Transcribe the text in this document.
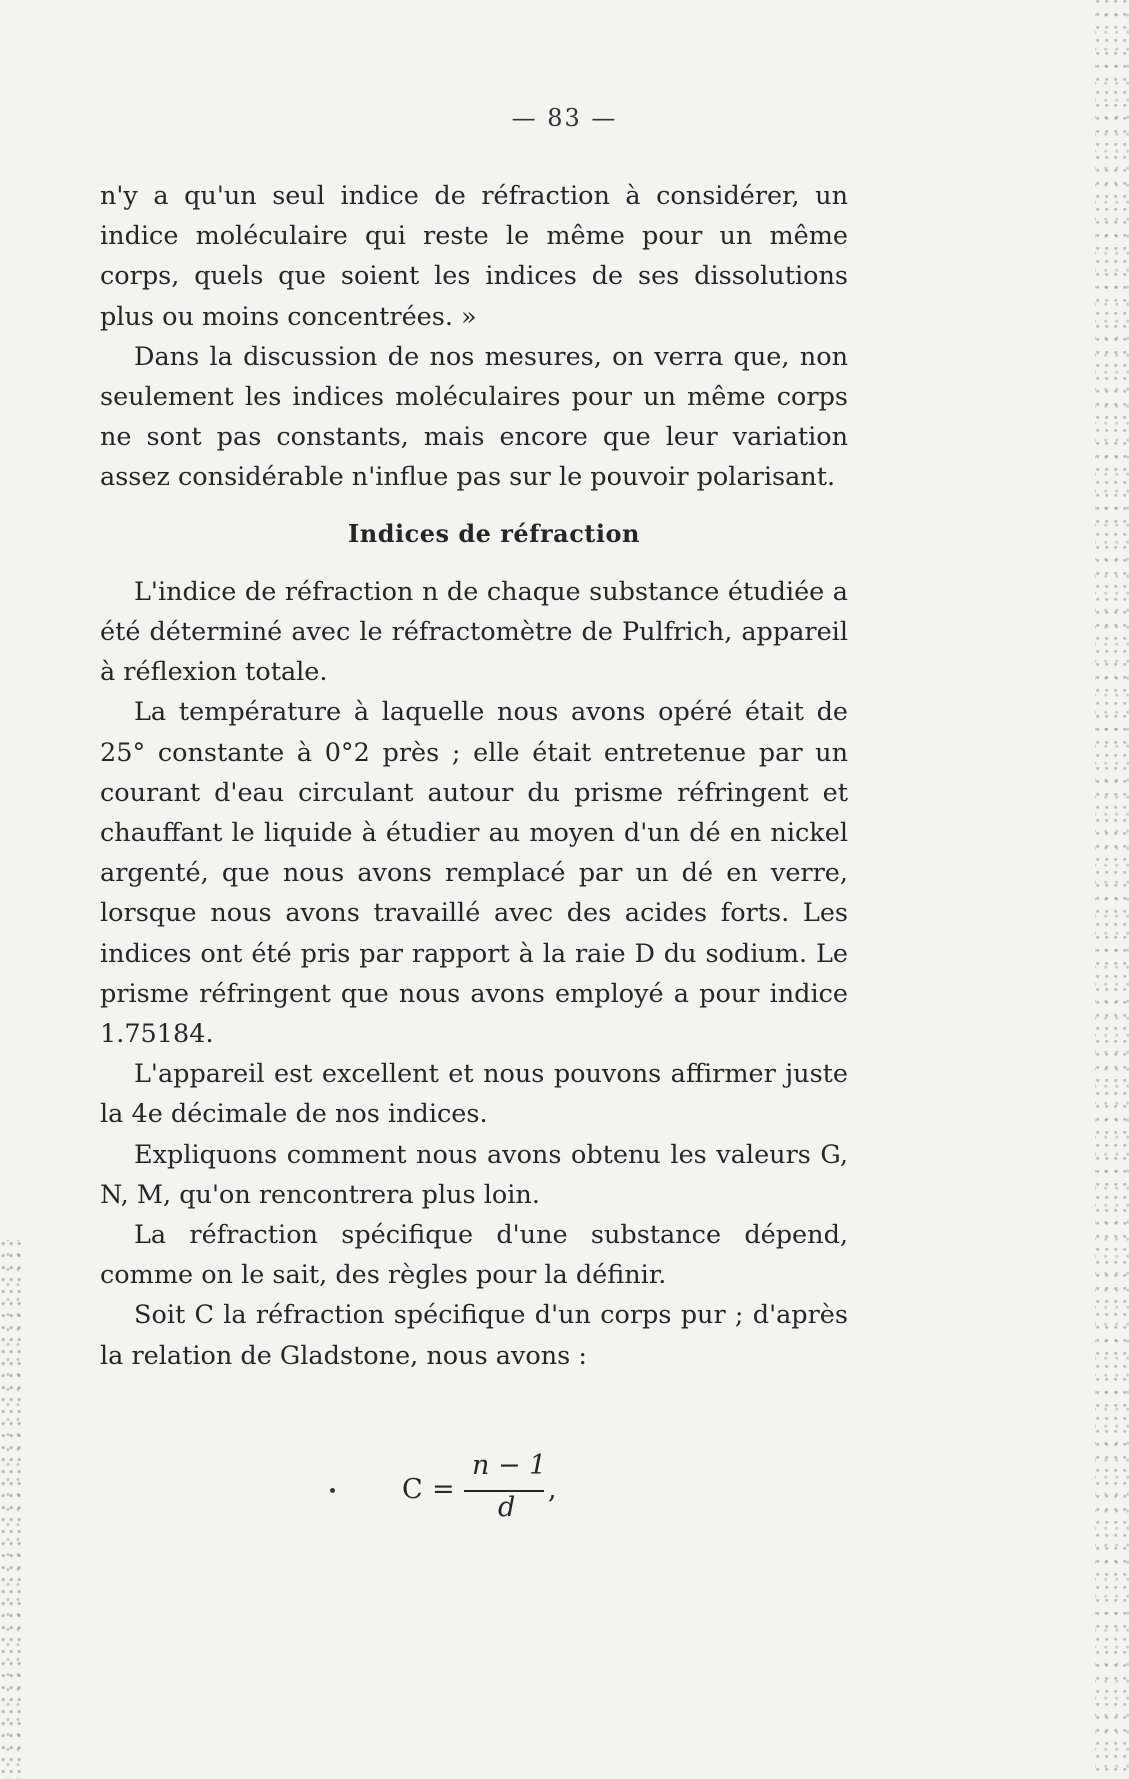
— 83 —

n'y a qu'un seul indice de réfraction à considérer, un indice moléculaire qui reste le même pour un même corps, quels que soient les indices de ses dissolutions plus ou moins concentrées. »

Dans la discussion de nos mesures, on verra que, non seulement les indices moléculaires pour un même corps ne sont pas constants, mais encore que leur variation assez considérable n'influe pas sur le pouvoir polarisant.

Indices de réfraction

L'indice de réfraction n de chaque substance étudiée a été déterminé avec le réfractomètre de Pulfrich, appareil à réflexion totale.

La température à laquelle nous avons opéré était de 25° constante à 0°2 près ; elle était entretenue par un courant d'eau circulant autour du prisme réfringent et chauffant le liquide à étudier au moyen d'un dé en nickel argenté, que nous avons remplacé par un dé en verre, lorsque nous avons travaillé avec des acides forts. Les indices ont été pris par rapport à la raie D du sodium. Le prisme réfringent que nous avons employé a pour indice 1.75184.

L'appareil est excellent et nous pouvons affirmer juste la 4e décimale de nos indices.

Expliquons comment nous avons obtenu les valeurs G, N, M, qu'on rencontrera plus loin.

La réfraction spécifique d'une substance dépend, comme on le sait, des règles pour la définir.

Soit C la réfraction spécifique d'un corps pur ; d'après la relation de Gladstone, nous avons :

C =
n − 1
d
,
